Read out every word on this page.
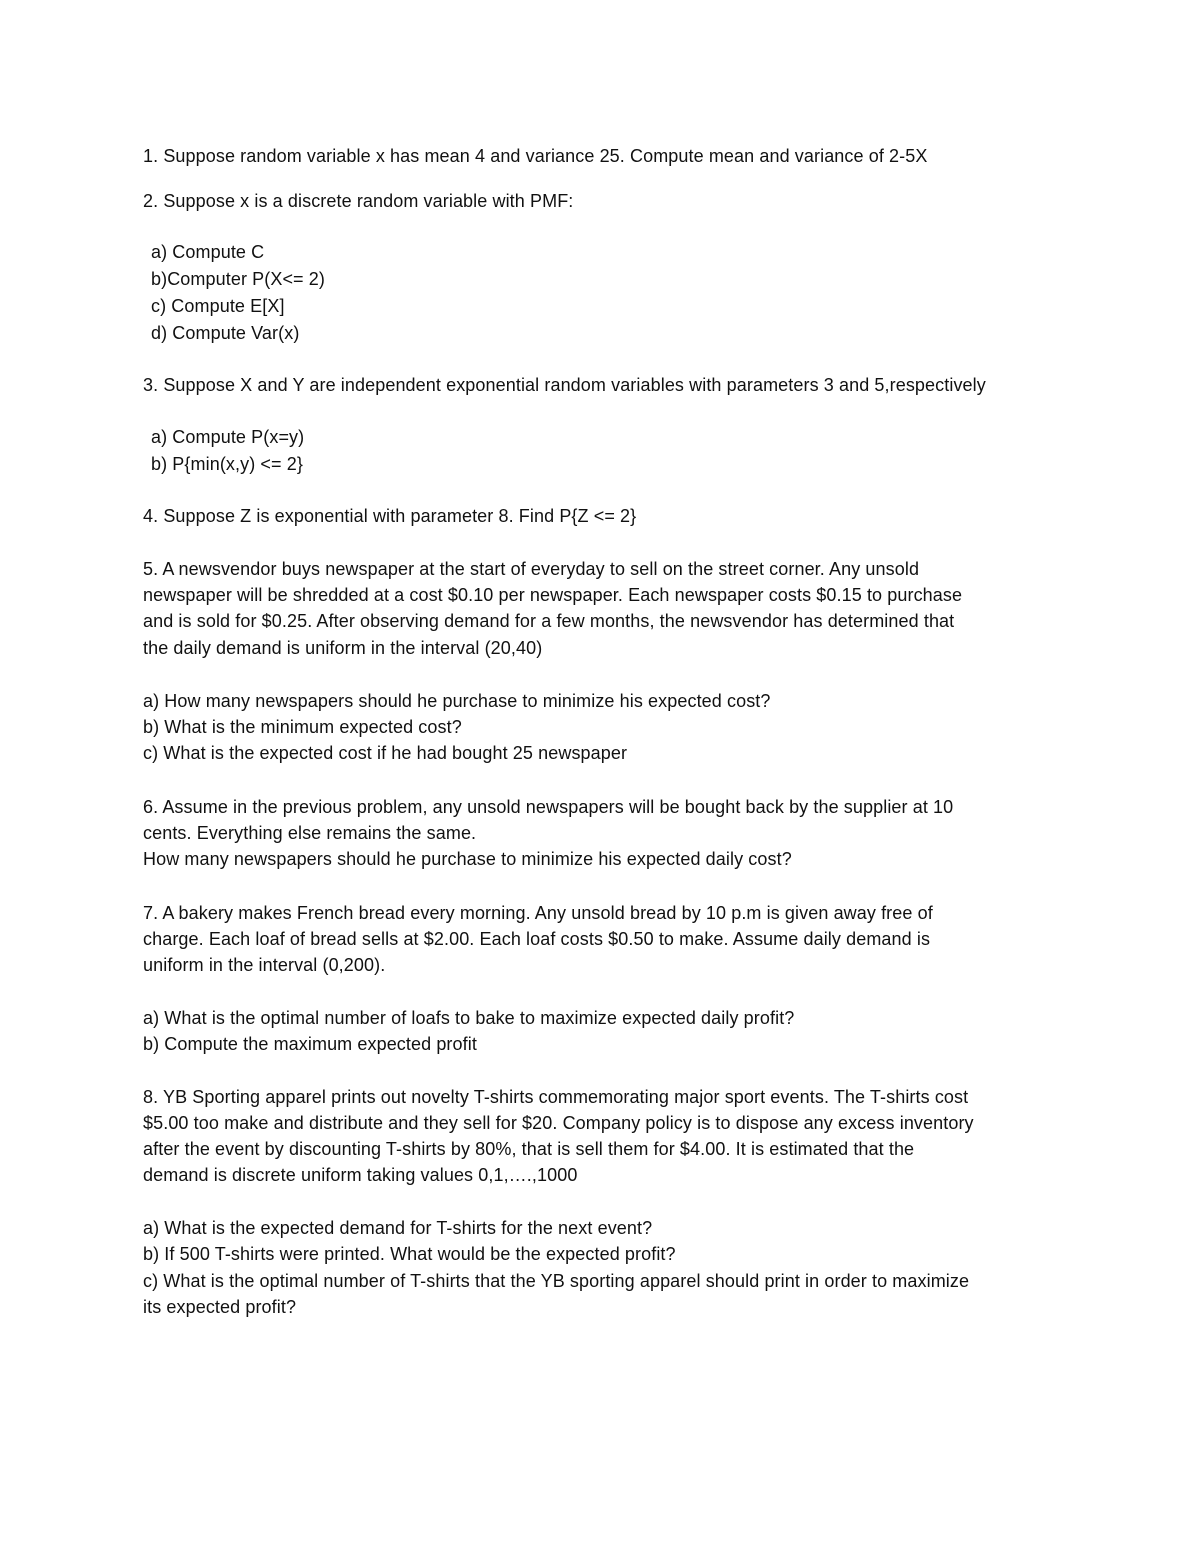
1. Suppose random variable x has mean 4 and variance 25. Compute mean and variance of 2-5X
2. Suppose x is a discrete random variable with PMF:
a) Compute C
b)Computer P(X<= 2)
c) Compute E[X]
d) Compute Var(x)
3. Suppose X and Y are independent exponential random variables with parameters 3 and 5,respectively
a) Compute P(x=y)
b) P{min(x,y) <= 2}
4. Suppose Z is exponential with parameter 8. Find P{Z <= 2}
5. A newsvendor buys newspaper at the start of everyday to sell on the street corner. Any unsold
newspaper will be shredded at a cost $0.10 per newspaper. Each newspaper costs $0.15 to purchase
and is sold for $0.25. After observing demand for a few months, the newsvendor has determined that
the daily demand is uniform in the interval (20,40)
a) How many newspapers should he purchase to minimize his expected cost?
b) What is the minimum expected cost?
c) What is the expected cost if he had bought 25 newspaper
6. Assume in the previous problem, any unsold newspapers will be bought back by the supplier at 10
cents. Everything else remains the same.
How many newspapers should he purchase to minimize his expected daily cost?
7. A bakery makes French bread every morning. Any unsold bread by 10 p.m is given away free of
charge. Each loaf of bread sells at $2.00. Each loaf costs $0.50 to make. Assume daily demand is
uniform in the interval (0,200).
a) What is the optimal number of loafs to bake to maximize expected daily profit?
b) Compute the maximum expected profit
8. YB Sporting apparel prints out novelty T-shirts commemorating major sport events. The T-shirts cost
$5.00 too make and distribute and they sell for $20. Company policy is to dispose any excess inventory
after the event by discounting T-shirts by 80%, that is sell them for $4.00. It is estimated that the
demand is discrete uniform taking values 0,1,….,1000
a) What is the expected demand for T-shirts for the next event?
b) If 500 T-shirts were printed. What would be the expected profit?
c) What is the optimal number of T-shirts that the YB sporting apparel should print in order to maximize
its expected profit?
